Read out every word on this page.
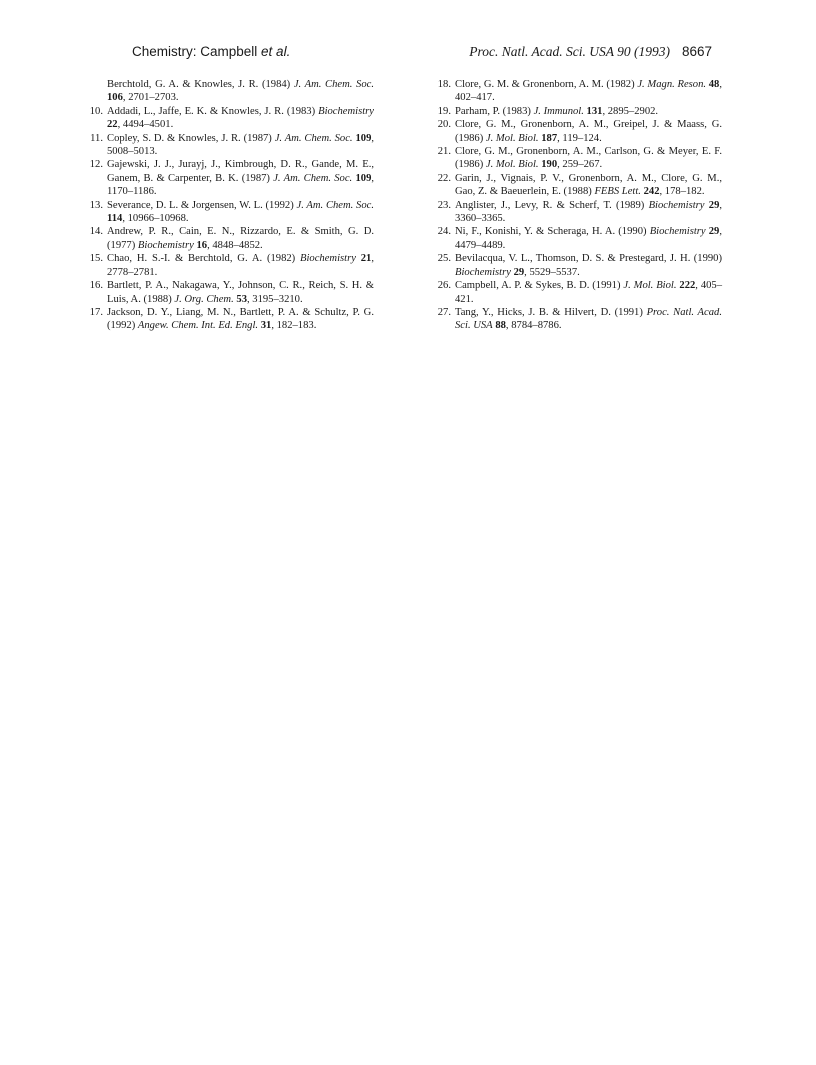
Chemistry: Campbell et al.	Proc. Natl. Acad. Sci. USA 90 (1993) 8667

Berchtold, G. A. & Knowles, J. R. (1984) J. Am. Chem. Soc. 106, 2701–2703.

10. Addadi, L., Jaffe, E. K. & Knowles, J. R. (1983) Biochemistry 22, 4494–4501.

11. Copley, S. D. & Knowles, J. R. (1987) J. Am. Chem. Soc. 109, 5008–5013.

12. Gajewski, J. J., Jurayj, J., Kimbrough, D. R., Gande, M. E., Ganem, B. & Carpenter, B. K. (1987) J. Am. Chem. Soc. 109, 1170–1186.

13. Severance, D. L. & Jorgensen, W. L. (1992) J. Am. Chem. Soc. 114, 10966–10968.

14. Andrew, P. R., Cain, E. N., Rizzardo, E. & Smith, G. D. (1977) Biochemistry 16, 4848–4852.

15. Chao, H. S.-I. & Berchtold, G. A. (1982) Biochemistry 21, 2778–2781.

16. Bartlett, P. A., Nakagawa, Y., Johnson, C. R., Reich, S. H. & Luis, A. (1988) J. Org. Chem. 53, 3195–3210.

17. Jackson, D. Y., Liang, M. N., Bartlett, P. A. & Schultz, P. G. (1992) Angew. Chem. Int. Ed. Engl. 31, 182–183.

18. Clore, G. M. & Gronenborn, A. M. (1982) J. Magn. Reson. 48, 402–417.

19. Parham, P. (1983) J. Immunol. 131, 2895–2902.

20. Clore, G. M., Gronenborn, A. M., Greipel, J. & Maass, G. (1986) J. Mol. Biol. 187, 119–124.

21. Clore, G. M., Gronenborn, A. M., Carlson, G. & Meyer, E. F. (1986) J. Mol. Biol. 190, 259–267.

22. Garin, J., Vignais, P. V., Gronenborn, A. M., Clore, G. M., Gao, Z. & Baeuerlein, E. (1988) FEBS Lett. 242, 178–182.

23. Anglister, J., Levy, R. & Scherf, T. (1989) Biochemistry 29, 3360–3365.

24. Ni, F., Konishi, Y. & Scheraga, H. A. (1990) Biochemistry 29, 4479–4489.

25. Bevilacqua, V. L., Thomson, D. S. & Prestegard, J. H. (1990) Biochemistry 29, 5529–5537.

26. Campbell, A. P. & Sykes, B. D. (1991) J. Mol. Biol. 222, 405–421.

27. Tang, Y., Hicks, J. B. & Hilvert, D. (1991) Proc. Natl. Acad. Sci. USA 88, 8784–8786.
